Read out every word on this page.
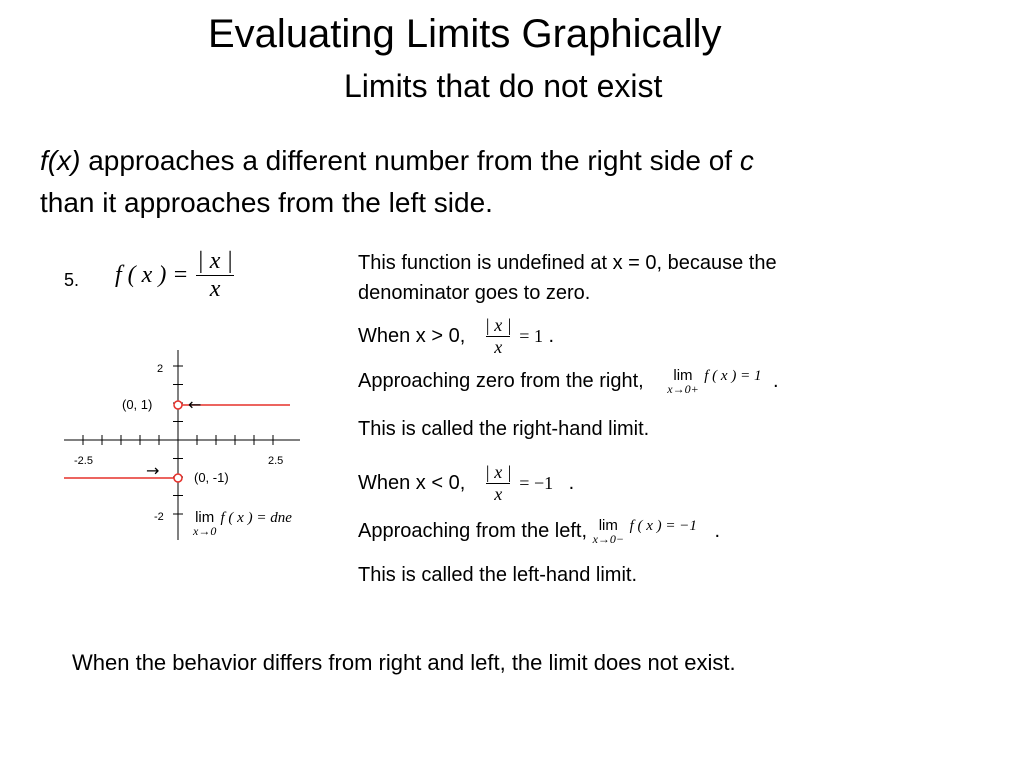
Evaluating Limits Graphically
Limits that do not exist
f(x) approaches a different number from the right side of c
than it approaches from the left side.
5. f ( x ) = $\frac{| x |}{x}$
2
-2
-2.5	2.5
(0, 1)
(0, -1)
←
→
lim
x→0
f ( x ) = dne
This function is undefined at x = 0, because the
denominator goes to zero.
When x > 0, $\frac{| x |}{x} = 1$ .
Approaching zero from the right, lim
x→0+
$^{f ( x ) = 1}$ .
This is called the right-hand limit.
When x < 0, $\frac{| x |}{x} = -1$ .
Approaching from the left, lim
x→0−
$^{f ( x ) = -1}$ .
This is called the left-hand limit.
When the behavior differs from right and left, the limit does not exist.
